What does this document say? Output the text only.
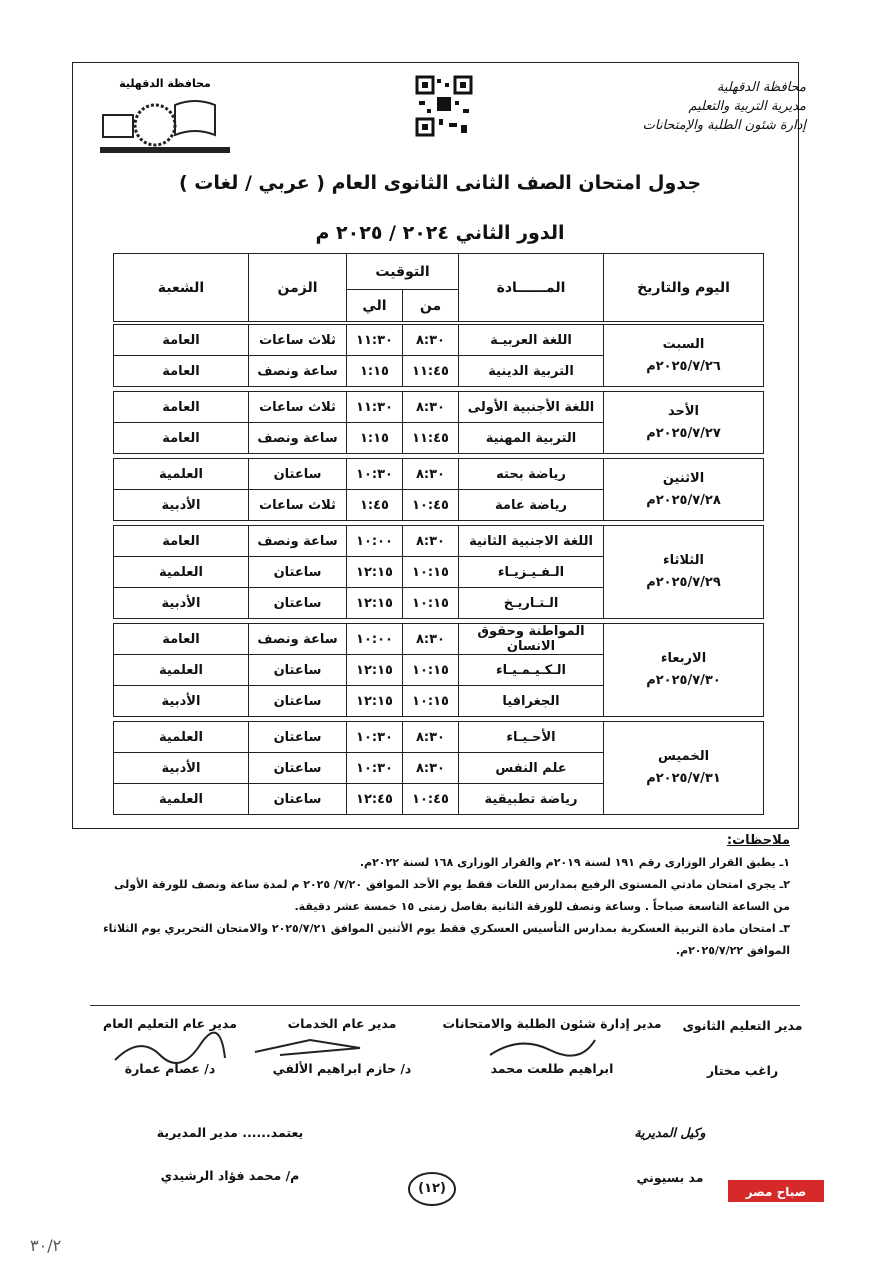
محافظة الدقهلية	محافظة الدقهلية
مديرية التربية والتعليم
إدارة شئون الطلبة والإمتحانات
جدول امتحان الصف الثانى الثانوى العام ( عربي / لغات )
الدور الثاني ٢٠٢٤ / ٢٠٢٥ م
اليوم والتاريخ	المــــــادة	التوقيت		الزمن	الشعبة
		من	الي		

السبت
٢٠٢٥/٧/٢٦م	اللغة العربيـة	٨:٣٠	١١:٣٠	ثلاث ساعات	العامة
	التربية الدينية	١١:٤٥	١:١٥	ساعة ونصف	العامة

الأحد
٢٠٢٥/٧/٢٧م	اللغة الأجنبية الأولى	٨:٣٠	١١:٣٠	ثلاث ساعات	العامة
	التربية المهنية	١١:٤٥	١:١٥	ساعة ونصف	العامة

الاثنين
٢٠٢٥/٧/٢٨م	رياضة بحته	٨:٣٠	١٠:٣٠	ساعتان	العلمية
	رياضة عامة	١٠:٤٥	١:٤٥	ثلاث ساعات	الأدبية

الثلاثاء
٢٠٢٥/٧/٢٩م	اللغة الاجنبية الثانية	٨:٣٠	١٠:٠٠	ساعة ونصف	العامة
	الـفـيـزيـاء	١٠:١٥	١٢:١٥	ساعتان	العلمية
	الـتـاريـخ	١٠:١٥	١٢:١٥	ساعتان	الأدبية

الاربعاء
٢٠٢٥/٧/٣٠م	المواطنة وحقوق الانسان	٨:٣٠	١٠:٠٠	ساعة ونصف	العامة
	الـكـيـمـيـاء	١٠:١٥	١٢:١٥	ساعتان	العلمية
	الجغرافيا	١٠:١٥	١٢:١٥	ساعتان	الأدبية

الخميس
٢٠٢٥/٧/٣١م	الأحـيـاء	٨:٣٠	١٠:٣٠	ساعتان	العلمية
	علم النفس	٨:٣٠	١٠:٣٠	ساعتان	الأدبية
	رياضة تطبيقية	١٠:٤٥	١٢:٤٥	ساعتان	العلمية
ملاحظات:
١ـ يطبق القرار الوزارى رقم ١٩١ لسنة ٢٠١٩م والقرار الوزارى ١٦٨ لسنة ٢٠٢٢م.
٢ـ يجرى امتحان مادتي المستوى الرفيع بمدارس اللغات فقط يوم الأحد الموافق ٧/٢٠/ ٢٠٢٥ م لمدة ساعة ونصف للورقة الأولى
من الساعة التاسعة صباحاً . وساعة ونصف للورقة الثانية بفاصل زمنى ١٥ خمسة عشر دقيقة.
٣ـ امتحان مادة التربية العسكرية بمدارس التأسيس العسكري فقط يوم الأثنين الموافق ٢٠٢٥/٧/٢١ والامتحان التحريري يوم الثلاثاء
الموافق ٢٠٢٥/٧/٢٢م.
مدير التعليم الثانوى
راغب مختار
مدير إدارة شئون الطلبة والامتحانات
ابراهيم طلعت محمد
مدير عام الخدمات
د/ حازم ابراهيم الألفي
مدير عام التعليم العام
د/ عصام عمارة
يعتمد...... مدير المديرية
م/ محمد فؤاد الرشيدي
وكيل المديرية
مد بسيوني
(١٢)	صباح مصر
٣٠/٢
